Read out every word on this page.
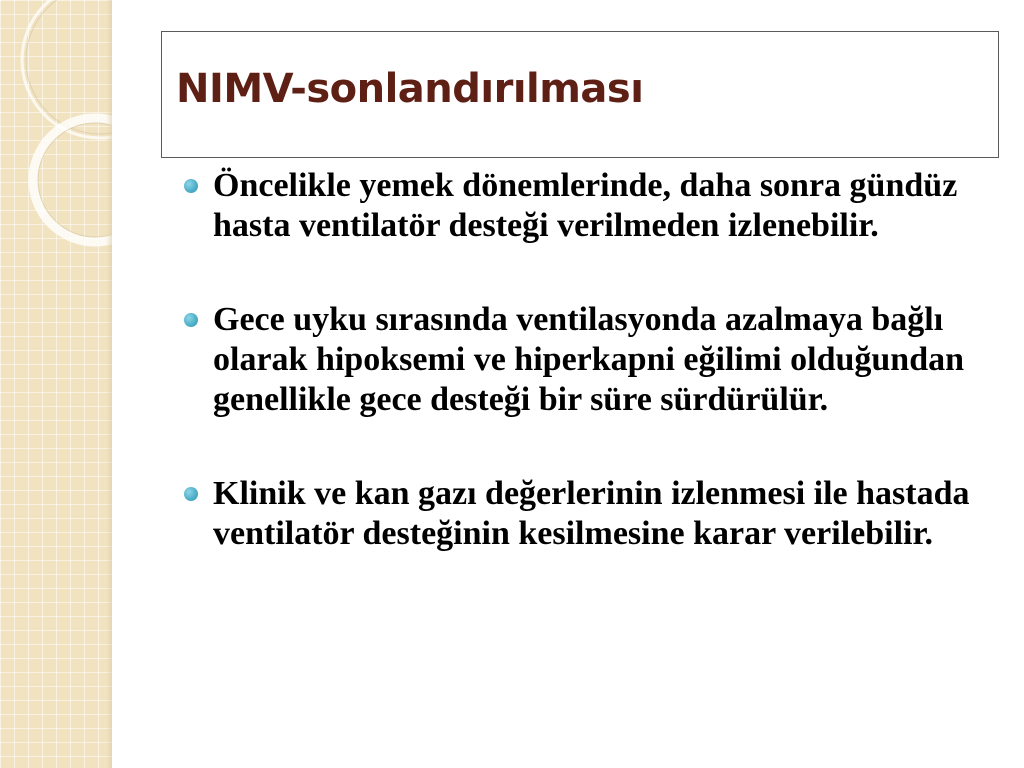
NIMV-sonlandırılması
Öncelikle yemek dönemlerinde, daha sonra gündüz hasta ventilatör desteği verilmeden izlenebilir.
Gece uyku sırasında ventilasyonda azalmaya bağlı olarak hipoksemi ve hiperkapni eğilimi olduğundan genellikle gece desteği bir süre sürdürülür.
Klinik ve kan gazı değerlerinin izlenmesi ile hastada ventilatör desteğinin kesilmesine karar verilebilir.
